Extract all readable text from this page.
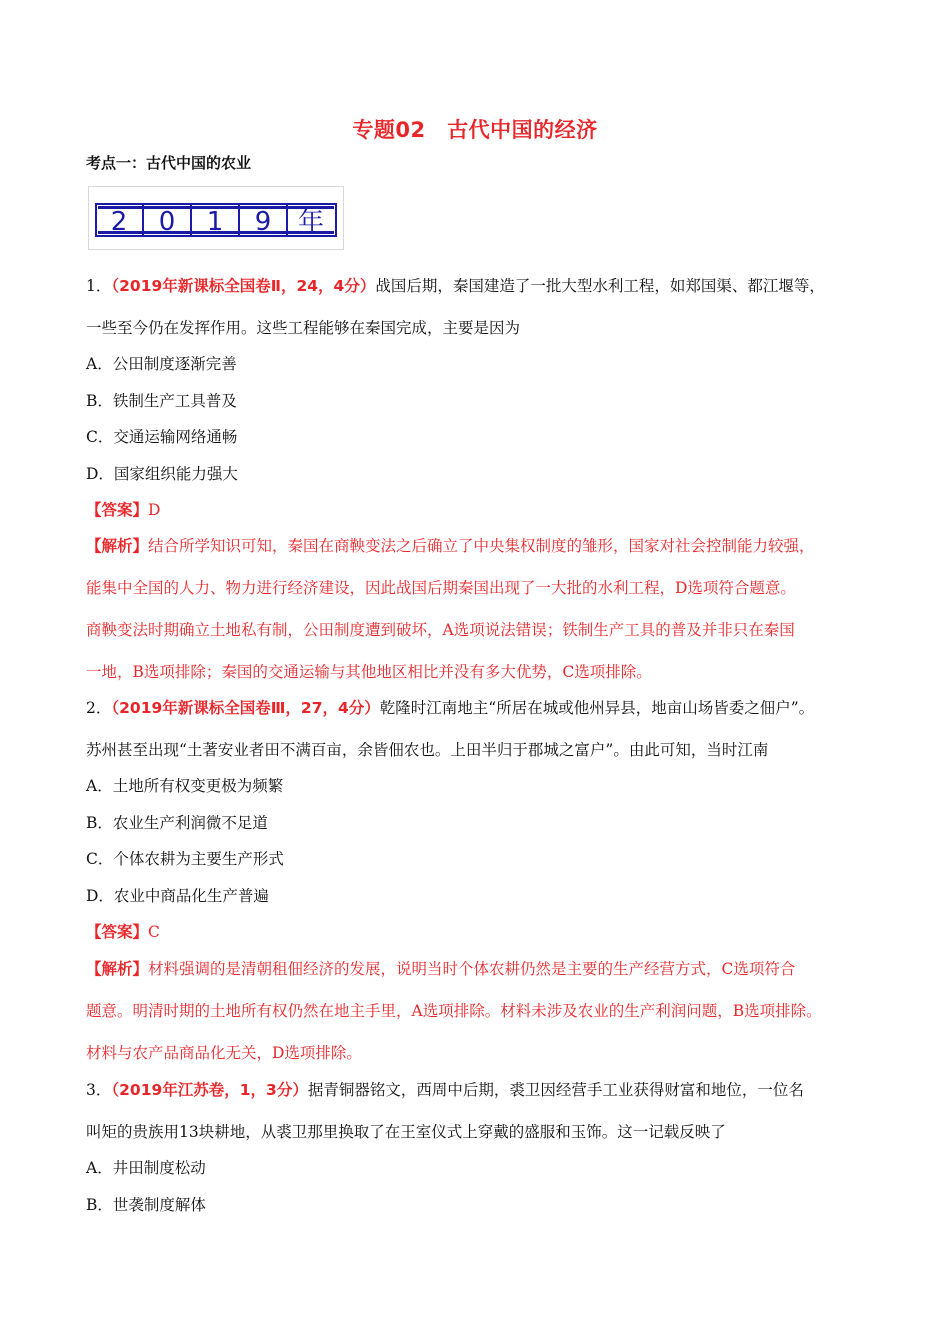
专题02　古代中国的经济
考点一：古代中国的农业
2 0 1 9 年
1．（2019年新课标全国卷Ⅱ，24，4分）战国后期，秦国建造了一批大型水利工程，如郑国渠、都江堰等，
一些至今仍在发挥作用。这些工程能够在秦国完成，主要是因为
A．公田制度逐渐完善
B．铁制生产工具普及
C．交通运输网络通畅
D．国家组织能力强大
【答案】D
【解析】结合所学知识可知，秦国在商鞅变法之后确立了中央集权制度的雏形，国家对社会控制能力较强，
能集中全国的人力、物力进行经济建设，因此战国后期秦国出现了一大批的水利工程，D选项符合题意。
商鞅变法时期确立土地私有制，公田制度遭到破坏，A选项说法错误；铁制生产工具的普及并非只在秦国
一地，B选项排除；秦国的交通运输与其他地区相比并没有多大优势，C选项排除。
2．（2019年新课标全国卷Ⅲ，27，4分）乾隆时江南地主“所居在城或他州异县，地亩山场皆委之佃户”。
苏州甚至出现“土著安业者田不满百亩，余皆佃农也。上田半归于郡城之富户”。由此可知，当时江南
A．土地所有权变更极为频繁
B．农业生产利润微不足道
C．个体农耕为主要生产形式
D．农业中商品化生产普遍
【答案】C
【解析】材料强调的是清朝租佃经济的发展，说明当时个体农耕仍然是主要的生产经营方式，C选项符合
题意。明清时期的土地所有权仍然在地主手里，A选项排除。材料未涉及农业的生产利润问题，B选项排除。
材料与农产品商品化无关，D选项排除。
3．（2019年江苏卷，1，3分）据青铜器铭文，西周中后期，裘卫因经营手工业获得财富和地位，一位名
叫矩的贵族用13块耕地，从裘卫那里换取了在王室仪式上穿戴的盛服和玉饰。这一记载反映了
A．井田制度松动
B．世袭制度解体
